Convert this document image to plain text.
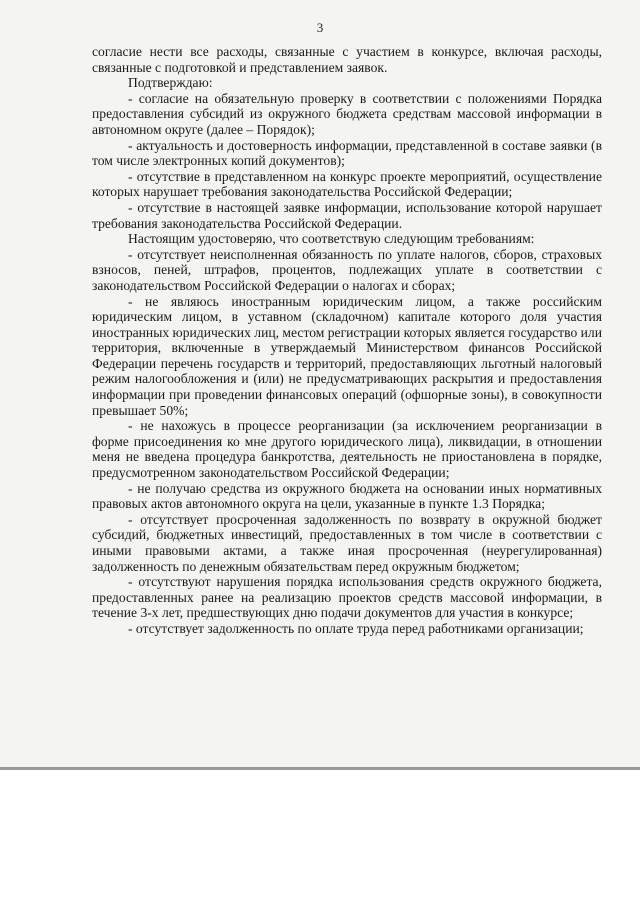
3

согласие нести все расходы, связанные с участием в конкурсе, включая расходы, связанные с подготовкой и представлением заявок.

Подтверждаю:

- согласие на обязательную проверку в соответствии с положениями Порядка предоставления субсидий из окружного бюджета средствам массовой информации в автономном округе (далее – Порядок);

- актуальность и достоверность информации, представленной в составе заявки (в том числе электронных копий документов);

- отсутствие в представленном на конкурс проекте мероприятий, осуществление которых нарушает требования законодательства Российской Федерации;

- отсутствие в настоящей заявке информации, использование которой нарушает требования законодательства Российской Федерации.

Настоящим удостоверяю, что соответствую следующим требованиям:

- отсутствует неисполненная обязанность по уплате налогов, сборов, страховых взносов, пеней, штрафов, процентов, подлежащих уплате в соответствии с законодательством Российской Федерации о налогах и сборах;

- не являюсь иностранным юридическим лицом, а также российским юридическим лицом, в уставном (складочном) капитале которого доля участия иностранных юридических лиц, местом регистрации которых является государство или территория, включенные в утверждаемый Министерством финансов Российской Федерации перечень государств и территорий, предоставляющих льготный налоговый режим налогообложения и (или) не предусматривающих раскрытия и предоставления информации при проведении финансовых операций (офшорные зоны), в совокупности превышает 50%;

- не нахожусь в процессе реорганизации (за исключением реорганизации в форме присоединения ко мне другого юридического лица), ликвидации, в отношении меня не введена процедура банкротства, деятельность не приостановлена в порядке, предусмотренном законодательством Российской Федерации;

- не получаю средства из окружного бюджета на основании иных нормативных правовых актов автономного округа на цели, указанные в пункте 1.3 Порядка;

- отсутствует просроченная задолженность по возврату в окружной бюджет субсидий, бюджетных инвестиций, предоставленных в том числе в соответствии с иными правовыми актами, а также иная просроченная (неурегулированная) задолженность по денежным обязательствам перед окружным бюджетом;

- отсутствуют нарушения порядка использования средств окружного бюджета, предоставленных ранее на реализацию проектов средств массовой информации, в течение 3-х лет, предшествующих дню подачи документов для участия в конкурсе;

- отсутствует задолженность по оплате труда перед работниками организации;
